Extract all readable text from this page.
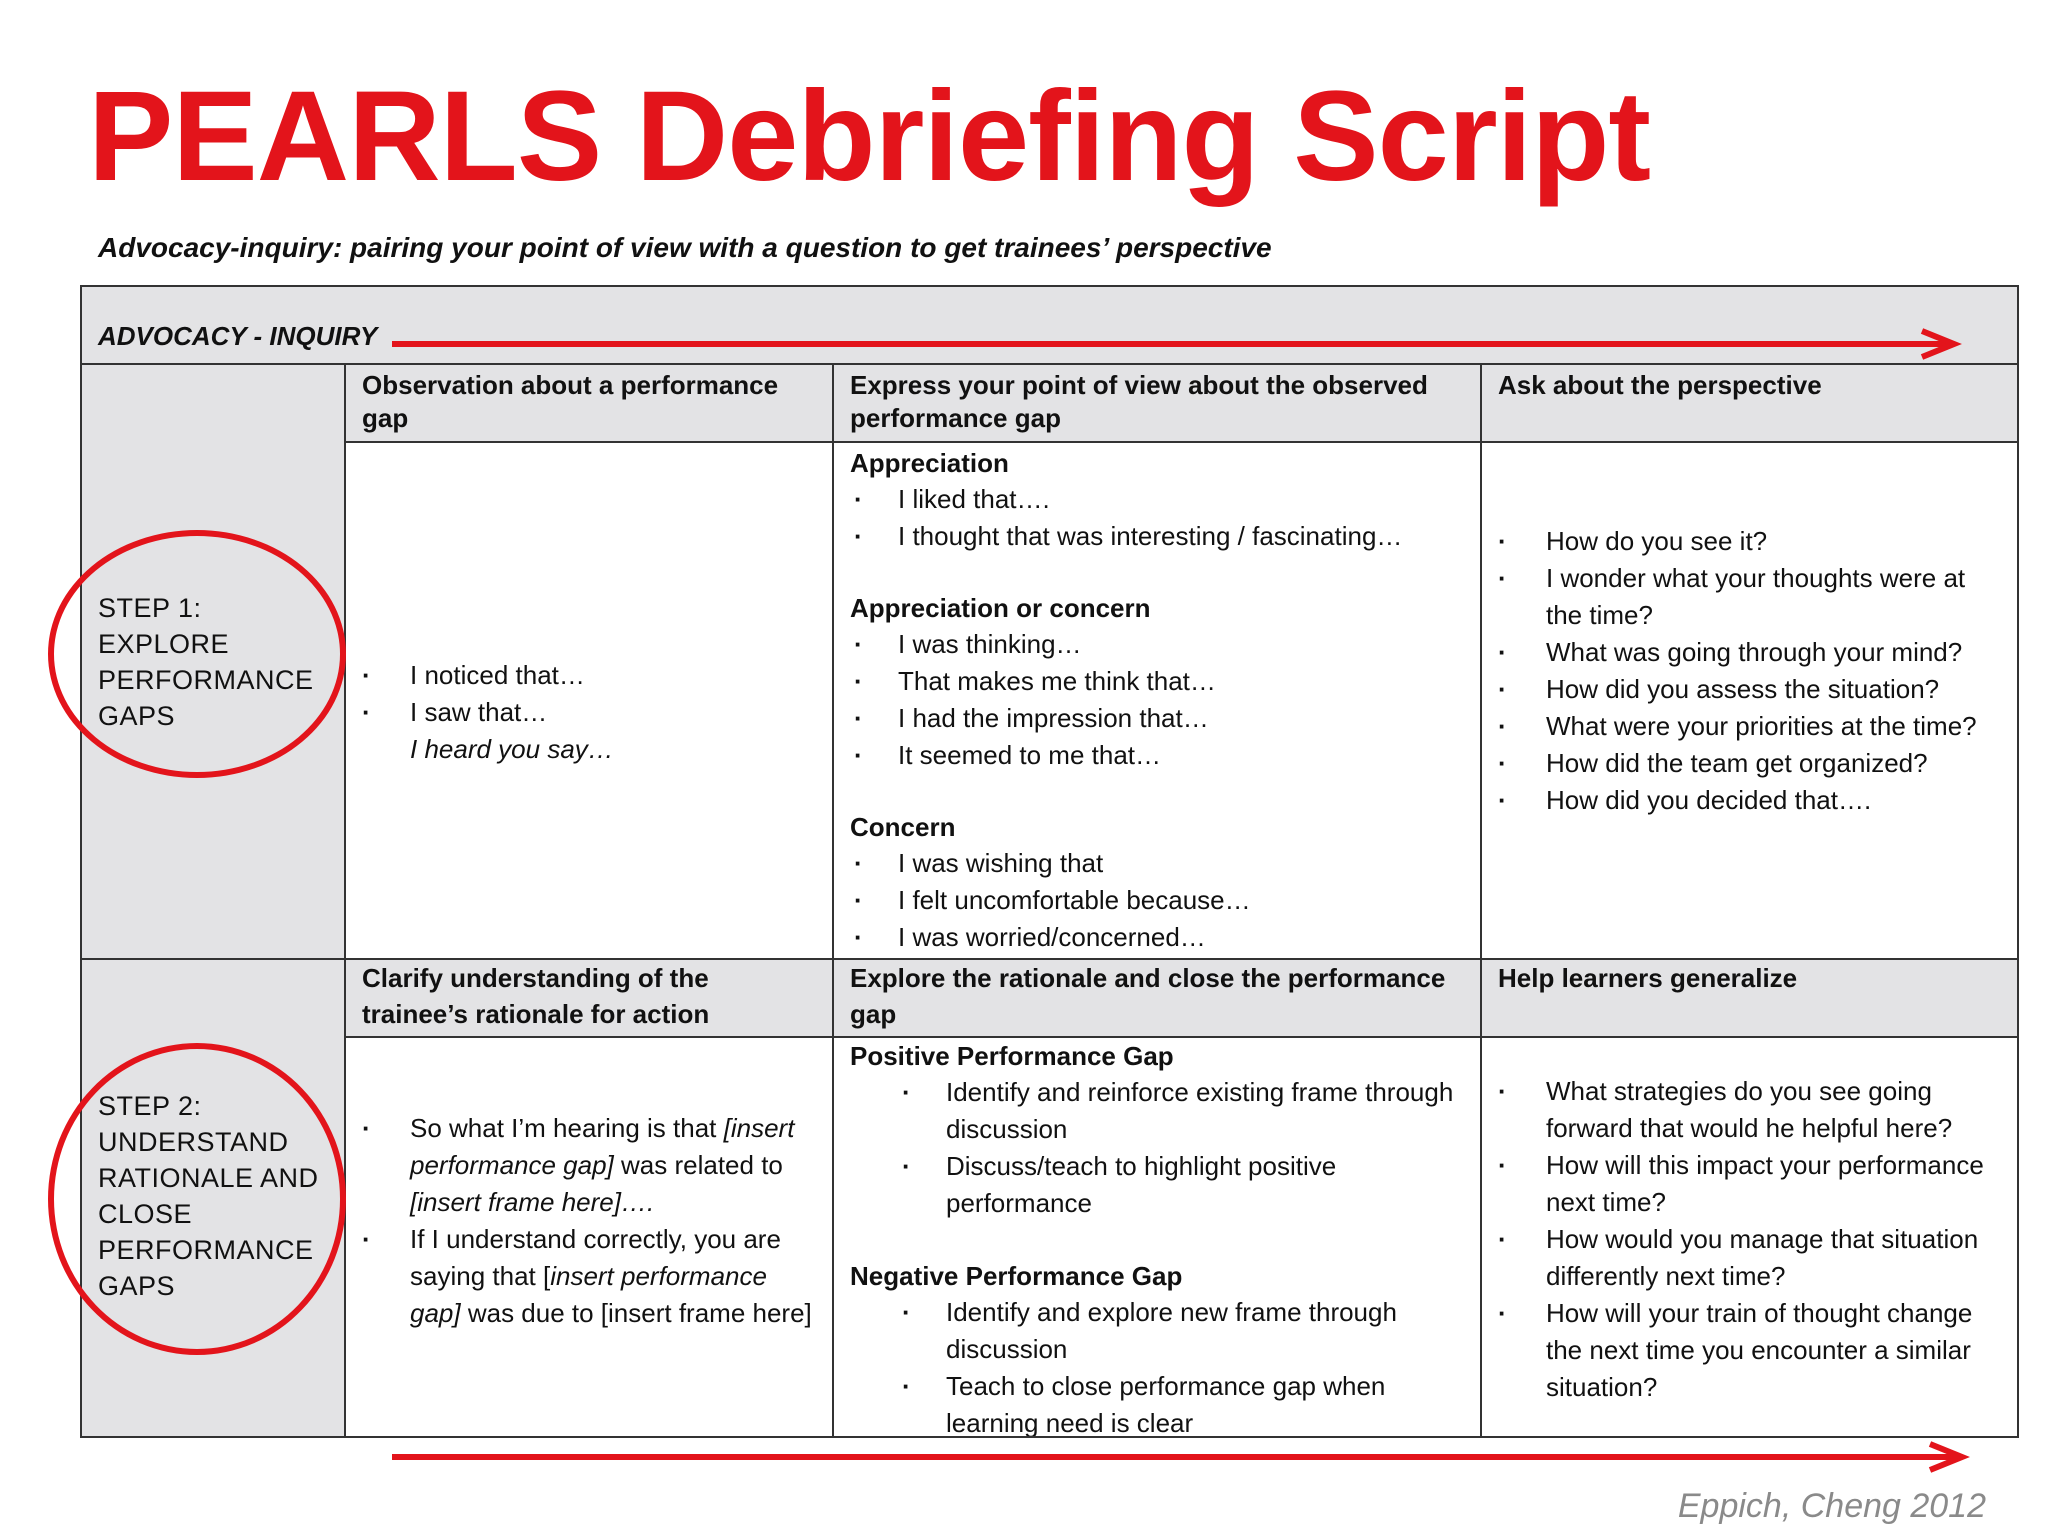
PEARLS Debriefing Script
Advocacy-inquiry: pairing your point of view with a question to get trainees’ perspective
ADVOCACY - INQUIRY
STEP 1:
EXPLORE
PERFORMANCE
GAPS
Observation about a performance gap
Express your point of view about the observed performance gap
Ask about the perspective
· I noticed that…
· I saw that…
I heard you say…
Appreciation
· I liked that….
· I thought that was interesting / fascinating…
Appreciation or concern
· I was thinking…
· That makes me think that…
· I had the impression that…
· It seemed to me that…
Concern
· I was wishing that
· I felt uncomfortable because…
· I was worried/concerned…
· How do you see it?
· I wonder what your thoughts were at the time?
· What was going through your mind?
· How did you assess the situation?
· What were your priorities at the time?
· How did the team get organized?
· How did you decided that….
STEP 2:
UNDERSTAND
RATIONALE AND
CLOSE
PERFORMANCE
GAPS
Clarify understanding of the trainee’s rationale for action
Explore the rationale and close the performance gap
Help learners generalize
· So what I’m hearing is that [insert performance gap] was related to [insert frame here]….
· If I understand correctly, you are saying that [insert performance gap] was due to [insert frame here]
Positive Performance Gap
· Identify and reinforce existing frame through discussion
· Discuss/teach to highlight positive performance
Negative Performance Gap
· Identify and explore new frame through discussion
· Teach to close performance gap when learning need is clear
· What strategies do you see going forward that would he helpful here?
· How will this impact your performance next time?
· How would you manage that situation differently next time?
· How will your train of thought change the next time you encounter a similar situation?
Eppich, Cheng 2012
